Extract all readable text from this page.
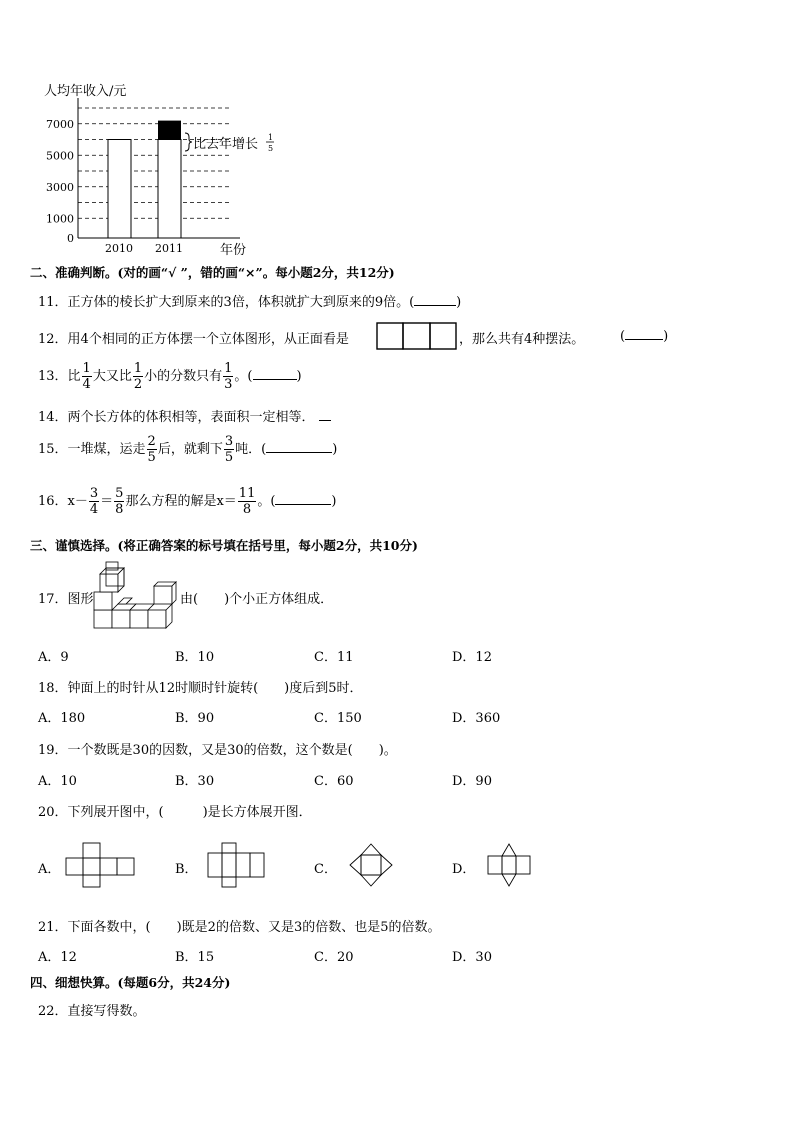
0
1000
3000
5000
7000
2010 2011
人均年收入/元
年份
比去年增长 1
5
二、准确判断。(对的画“√ ”，错的画“×”。每小题2分，共12分)
11．正方体的棱长扩大到原来的3倍，体积就扩大到原来的9倍。(	)
12．用4个相同的正方体摆一个立体图形，从正面看是	，那么共有4种摆法。	(	)
13．比 $\frac{1}{4}$ 大又比 $\frac{1}{2}$ 小的分数只有 $\frac{1}{3}$ 。(	)
14．两个长方体的体积相等，表面积一定相等．
15．一堆煤，运走 $\frac{2}{5}$ 后，就剩下 $\frac{3}{5}$ 吨．(	)
16．$x- \frac{3}{4} = \frac{5}{8}$ 那么方程的解是$x= \frac{11}{8}$ 。(	)
三、谨慎选择。(将正确答案的标号填在括号里，每小题2分，共10分)
17．图形	由(　　)个小正方体组成．
A．9	B．10	C．11	D．12
18．钟面上的时针从12时顺时针旋转(　　)度后到5时．
A．180	B．90	C．150	D．360
19．一个数既是30的因数，又是30的倍数，这个数是(　　)。
A．10	B．30	C．60	D．90
20．下列展开图中，(　　　)是长方体展开图．
A．	B．	C．	D．
21．下面各数中，(　　)既是2的倍数、又是3的倍数、也是5的倍数。
A．12	B．15	C．20	D．30
四、细想快算。(每题6分，共24分)
22．直接写得数。
